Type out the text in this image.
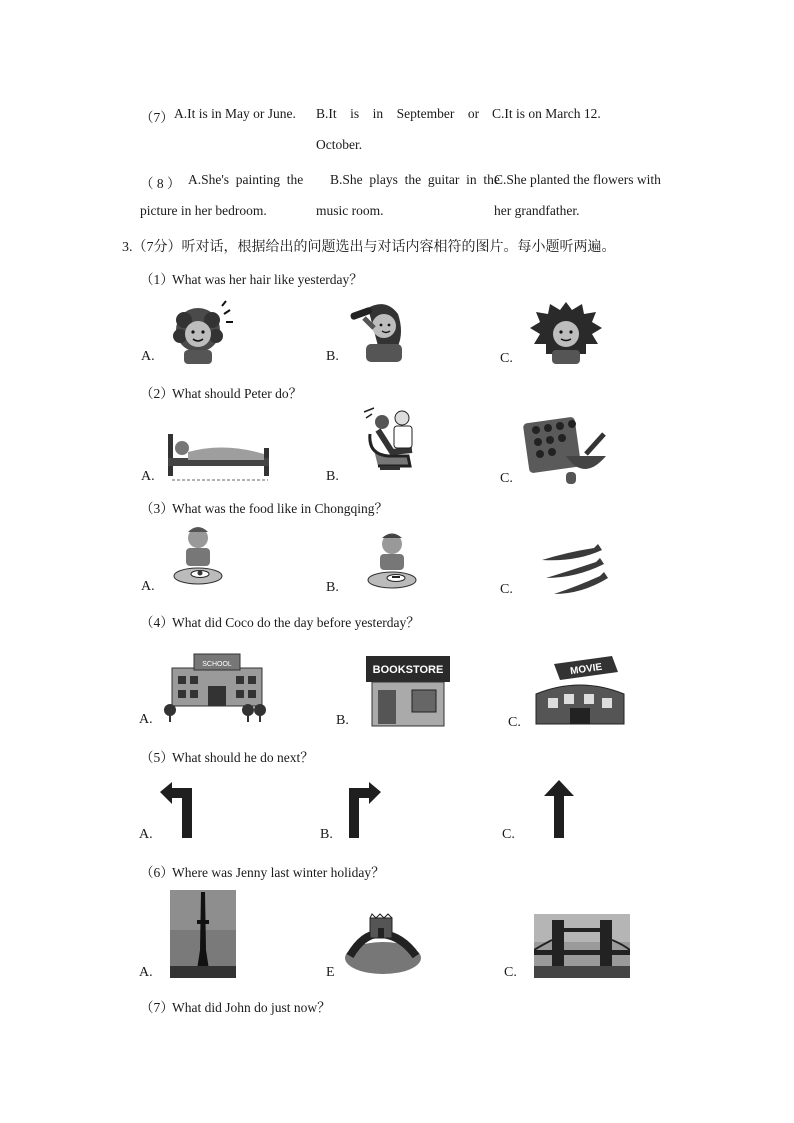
（7） A.It is in May or June. B.It    is    in    September    or
October.
C.It is on March 12.
（ 8 ） A.She's  painting  the
picture in her bedroom.
B.She  plays  the  guitar  in  the
music room.
C.She planted the flowers with
her grandfather.
3.（7分）听对话，根据给出的问题选出与对话内容相符的图片。每小题听两遍。
（1）
What was her hair like yesterday？
A.	B.	C.
（2）
What should Peter do？
A.	B.	C.
（3）
What was the food like in Chongqing？
A.	B.	C.
（4）
What did Coco do the day before yesterday？
A.	B.	C.
SCHOOL	BOOKSTORE	MOVIE
（5）
What should he do next？
A.	B.	C.
（6）
Where was Jenny last winter holiday？
A.	E	C.
（7）
What did John do just now？
